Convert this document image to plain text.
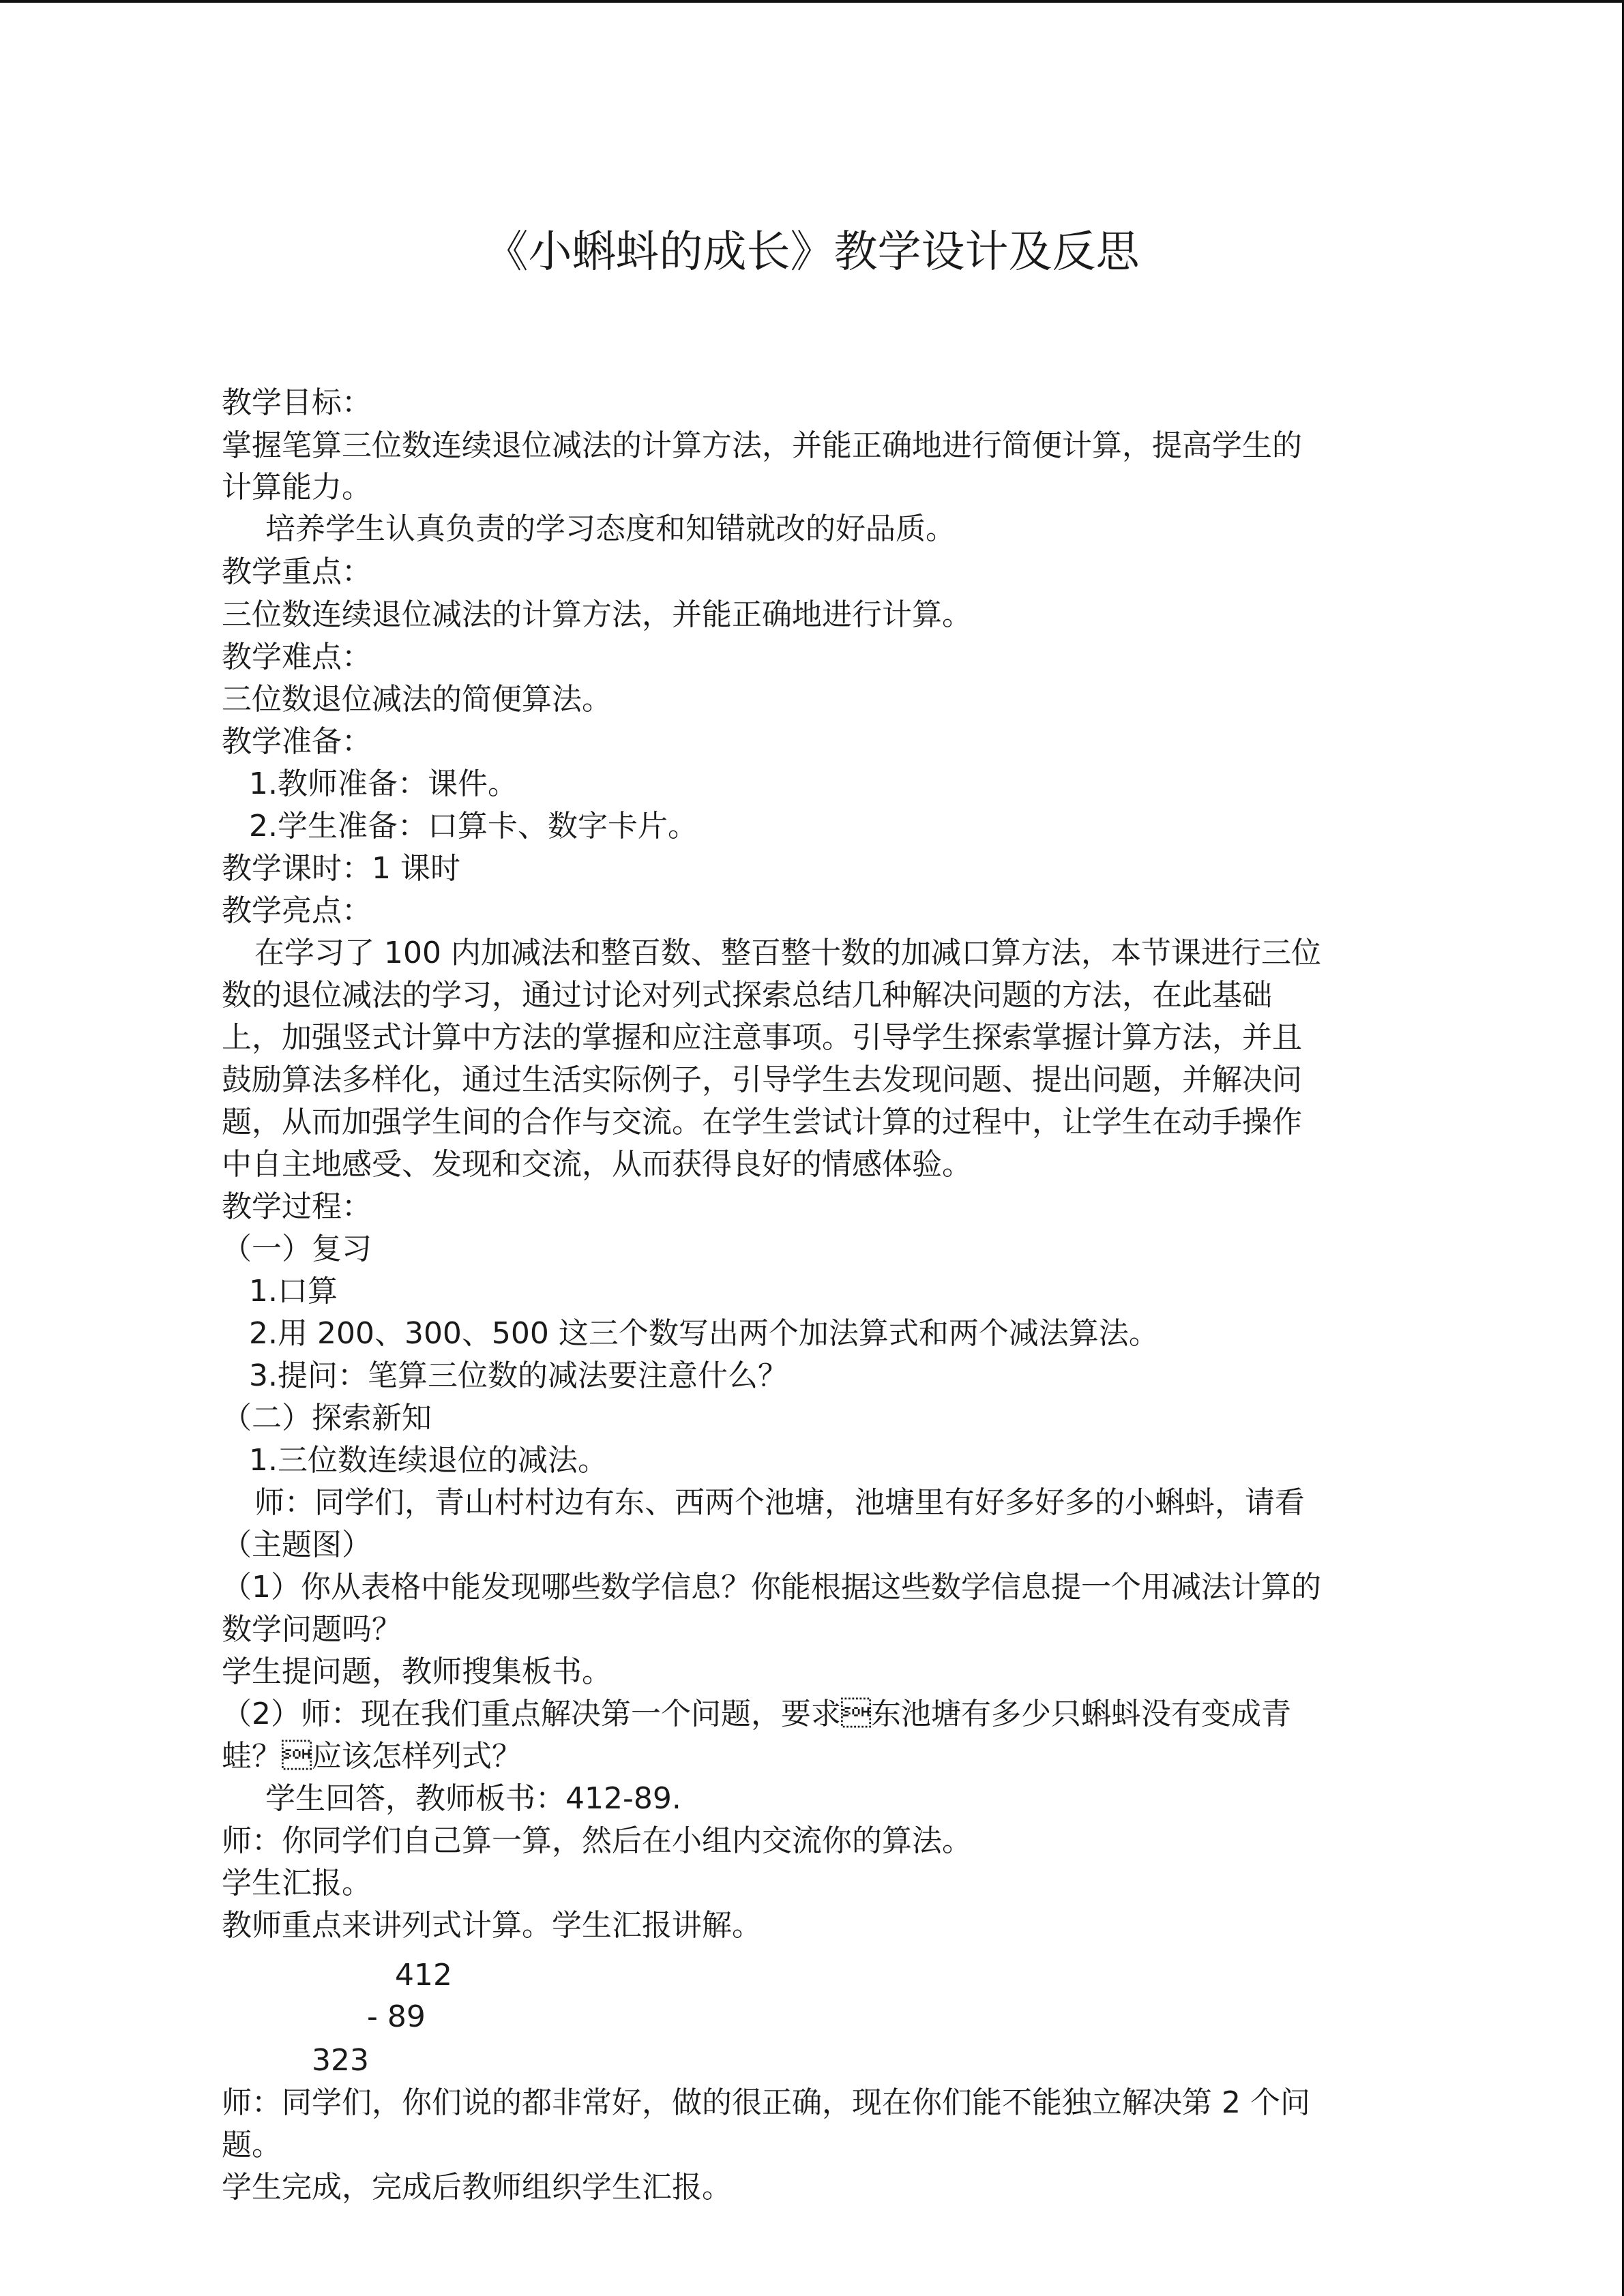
《小蝌蚪的成长》教学设计及反思
教学目标：
掌握笔算三位数连续退位减法的计算方法，并能正确地进行简便计算，提高学生的
计算能力。
培养学生认真负责的学习态度和知错就改的好品质。
教学重点：
三位数连续退位减法的计算方法，并能正确地进行计算。
教学难点：
三位数退位减法的简便算法。
教学准备：
1.教师准备：课件。
2.学生准备：口算卡、数字卡片。
教学课时：1 课时
教学亮点：
在学习了 100 内加减法和整百数、整百整十数的加减口算方法，本节课进行三位
数的退位减法的学习，通过讨论对列式探索总结几种解决问题的方法，在此基础
上，加强竖式计算中方法的掌握和应注意事项。引导学生探索掌握计算方法，并且
鼓励算法多样化，通过生活实际例子，引导学生去发现问题、提出问题，并解决问
题，从而加强学生间的合作与交流。在学生尝试计算的过程中，让学生在动手操作
中自主地感受、发现和交流，从而获得良好的情感体验。
教学过程：
（一）复习
1.口算
2.用 200、300、500 这三个数写出两个加法算式和两个减法算法。
3.提问：笔算三位数的减法要注意什么？
（二）探索新知
1.三位数连续退位的减法。
师：同学们，青山村村边有东、西两个池塘，池塘里有好多好多的小蝌蚪，请看
（主题图）
（1）你从表格中能发现哪些数学信息？你能根据这些数学信息提一个用减法计算的
数学问题吗？
学生提问题，教师搜集板书。
（2）师：现在我们重点解决第一个问题，要求东池塘有多少只蝌蚪没有变成青
蛙？应该怎样列式？
学生回答，教师板书：412-89.
师：你同学们自己算一算，然后在小组内交流你的算法。
学生汇报。
教师重点来讲列式计算。学生汇报讲解。
412
- 89
323
师：同学们，你们说的都非常好，做的很正确，现在你们能不能独立解决第 2 个问
题。
学生完成，完成后教师组织学生汇报。
